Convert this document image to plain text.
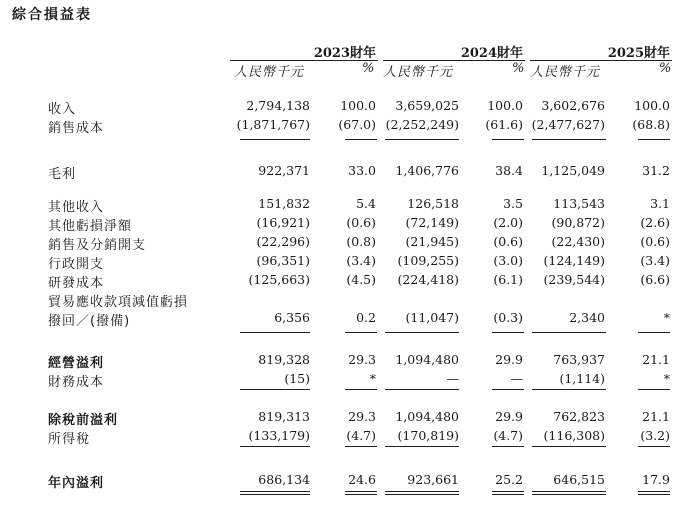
綜合損益表
2023財年	2024財年	2025財年
人民幣千元	% 人民幣千元	% 人民幣千元	%
收入	2,794,138 100.0 3,659,025 100.0 3,602,676 100.0
銷售成本	(1,871,767) (67.0) (2,252,249) (61.6) (2,477,627) (68.8)
毛利	922,371	33.0 1,406,776	38.4 1,125,049	31.2
其他收入	151,832	5.4	126,518	3.5 113,543	3.1
其他虧損淨額	(16,921)	(0.6) (72,149)	(2.0) (90,872)	(2.6)
銷售及分銷開支	(22,296)	(0.8) (21,945)	(0.6) (22,430)	(0.6)
行政開支	(96,351)	(3.4) (109,255)	(3.0) (124,149)	(3.4)
研發成本	(125,663)	(4.5) (224,418)	(6.1) (239,544)	(6.6)
貿易應收款項減值虧損
撥回／(撥備)	6,356	0.2 (11,047)	(0.3)	2,340	*
經營溢利	819,328	29.3 1,094,480	29.9 763,937	21.1
財務成本	(15)	*	—	—	(1,114)	*
除稅前溢利	819,313	29.3 1,094,480	29.9 762,823	21.1
所得稅	(133,179)	(4.7) (170,819)	(4.7) (116,308)	(3.2)
年內溢利	686,134	24.6	923,661	25.2 646,515	17.9
